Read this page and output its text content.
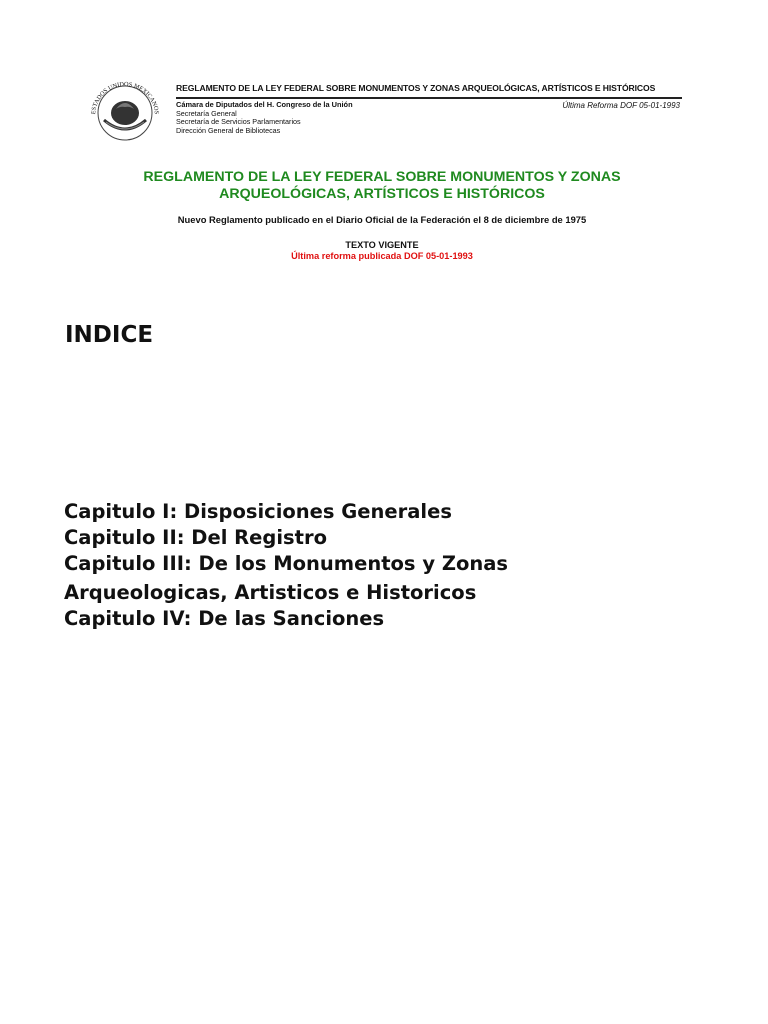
ESTADOS UNIDOS MEXICANOS
REGLAMENTO DE LA LEY FEDERAL SOBRE MONUMENTOS Y ZONAS ARQUEOLÓGICAS, ARTÍSTICOS E HISTÓRICOS
Cámara de Diputados del H. Congreso de la Unión
Secretaría General
Secretaría de Servicios Parlamentarios
Dirección General de Bibliotecas
Última Reforma DOF 05-01-1993
REGLAMENTO DE LA LEY FEDERAL SOBRE MONUMENTOS Y ZONAS
ARQUEOLÓGICAS, ARTÍSTICOS E HISTÓRICOS
Nuevo Reglamento publicado en el Diario Oficial de la Federación el 8 de diciembre de 1975
TEXTO VIGENTE
Última reforma publicada DOF 05-01-1993
INDICE
Capitulo I: Disposiciones Generales
Capitulo II: Del Registro
Capitulo III: De los Monumentos y Zonas
Arqueologicas, Artisticos e Historicos
Capitulo IV: De las Sanciones
